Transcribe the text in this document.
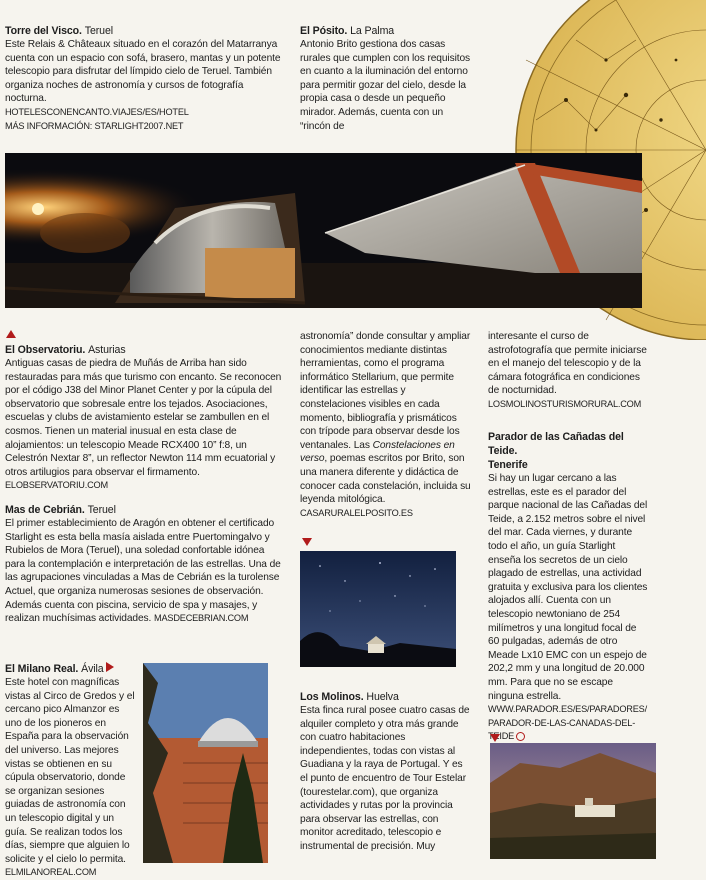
Torre del Visco. Teruel

Este Relais & Châteaux situado en el corazón del Matarranya cuenta con un espacio con sofá, brasero, mantas y un potente telescopio para disfrutar del límpido cielo de Teruel. También organiza noches de astronomía y cursos de fotografía nocturna.

HOTELESCONENCANTO.VIAJES/ES/HOTEL
MÁS INFORMACIÓN: STARLIGHT2007.NET
El Pósito. La Palma

Antonio Brito gestiona dos casas rurales que cumplen con los requisitos en cuanto a la iluminación del entorno para permitir gozar del cielo, desde la propia casa o desde un pequeño mirador. Además, cuenta con un “rincón de

El Observatoriu. Asturias

Antiguas casas de piedra de Muñás de Arriba han sido restauradas para más que turismo con encanto. Se reconocen por el código J38 del Minor Planet Center y por la cúpula del observatorio que sobresale entre los tejados. Asociaciones, escuelas y clubs de avistamiento estelar se zambullen en el cosmos. Tienen un material inusual en esta clase de alojamientos: un telescopio Meade RCX400 10” f:8, un Celestrón Nextar 8”, un reflector Newton 114 mm ecuatorial y otros artilugios para observar el firmamento. ELOBSERVATORIU.COM

Mas de Cebrián. Teruel

El primer establecimiento de Aragón en obtener el certificado Starlight es esta bella masía aislada entre Puertomingalvo y Rubielos de Mora (Teruel), una soledad confortable idónea para la contemplación e interpretación de las estrellas. Una de las agrupaciones vinculadas a Mas de Cebrián es la turolense Actuel, que organiza numerosas sesiones de observación. Además cuenta con piscina, servicio de spa y masajes, y realizan muchísimas actividades. MASDECEBRIAN.COM

El Milano Real. Ávila

Este hotel con magníficas vistas al Circo de Gredos y el cercano pico Almanzor es uno de los pioneros en España para la observación del universo. Las mejores vistas se obtienen en su cúpula observatorio, donde se organizan sesiones guiadas de astronomía con un telescopio digital y un guía. Se realizan todos los días, siempre que alguien lo solicite y el cielo lo permita. ELMILANOREAL.COM

astronomía” donde consultar y ampliar conocimientos mediante distintas herramientas, como el programa informático Stellarium, que permite identificar las estrellas y constelaciones visibles en cada momento, bibliografía y prismáticos con trípode para observar desde los ventanales. Las Constelaciones en verso, poemas escritos por Brito, son una manera diferente y didáctica de conocer cada constelación, incluida su leyenda mitológica.

CASARURALELPOSITO.ES
Los Molinos. Huelva

Esta finca rural posee cuatro casas de alquiler completo y otra más grande con cuatro habitaciones independientes, todas con vistas al Guadiana y la raya de Portugal. Y es el punto de encuentro de Tour Estelar (tourestelar.com), que organiza actividades y rutas por la provincia para observar las estrellas, con monitor acreditado, telescopio e instrumental de precisión. Muy

interesante el curso de astrofotografía que permite iniciarse en el manejo del telescopio y de la cámara fotográfica en condiciones de nocturnidad.

LOSMOLINOSTURISMORURAL.COM
Parador de las Cañadas del Teide.
Tenerife

Si hay un lugar cercano a las estrellas, este es el parador del parque nacional de las Cañadas del Teide, a 2.152 metros sobre el nivel del mar. Cada viernes, y durante todo el año, un guía Starlight enseña los secretos de un cielo plagado de estrellas, una actividad gratuita y exclusiva para los clientes alojados allí. Cuenta con un telescopio newtoniano de 254 milímetros y una longitud focal de 60 pulgadas, además de otro Meade Lx10 EMC con un espejo de 202,2 mm y una longitud de 20.000 mm. Para que no se escape ninguna estrella.

WWW.PARADOR.ES/ES/PARADORES/
PARADOR-DE-LAS-CANADAS-DEL-TEIDE
